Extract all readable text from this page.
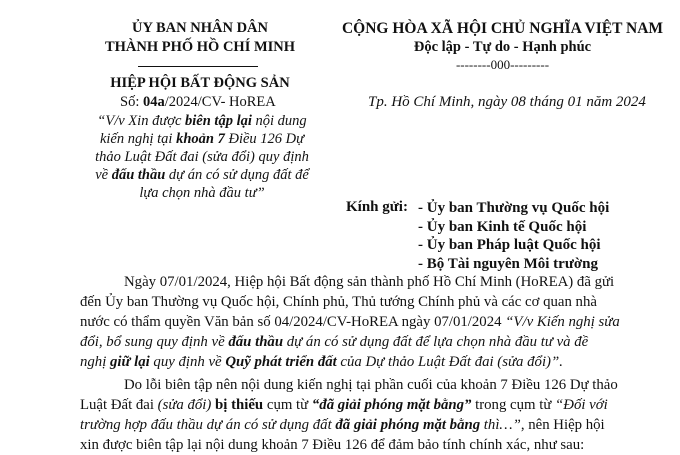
ỦY BAN NHÂN DÂN
THÀNH PHỐ HỒ CHÍ MINH
HIỆP HỘI BẤT ĐỘNG SẢN
Số: 04a/2024/CV- HoREA
“V/v Xin được biên tập lại nội dung
kiến nghị tại khoản 7 Điều 126 Dự
thảo Luật Đất đai (sửa đổi) quy định
về đấu thầu dự án có sử dụng đất để
lựa chọn nhà đầu tư”
CỘNG HÒA XÃ HỘI CHỦ NGHĨA VIỆT NAM
Độc lập - Tự do - Hạnh phúc
--------000---------
Tp. Hồ Chí Minh, ngày 08 tháng 01 năm 2024
Kính gửi: - Ủy ban Thường vụ Quốc hội
- Ủy ban Kinh tế Quốc hội
- Ủy ban Pháp luật Quốc hội
- Bộ Tài nguyên Môi trường
Ngày 07/01/2024, Hiệp hội Bất động sản thành phố Hồ Chí Minh (HoREA) đã gửi
đến Ủy ban Thường vụ Quốc hội, Chính phủ, Thủ tướng Chính phủ và các cơ quan nhà
nước có thẩm quyền Văn bản số 04/2024/CV-HoREA ngày 07/01/2024 “V/v Kiến nghị sửa
đổi, bổ sung quy định về đấu thầu dự án có sử dụng đất để lựa chọn nhà đầu tư và đề
nghị giữ lại quy định về Quỹ phát triển đất của Dự thảo Luật Đất đai (sửa đổi)”.
Do lỗi biên tập nên nội dung kiến nghị tại phần cuối của khoản 7 Điều 126 Dự thảo
Luật Đất đai (sửa đổi) bị thiếu cụm từ “đã giải phóng mặt bằng” trong cụm từ “Đối với
trường hợp đấu thầu dự án có sử dụng đất đã giải phóng mặt bằng thì…”, nên Hiệp hội
xin được biên tập lại nội dung khoản 7 Điều 126 để đảm bảo tính chính xác, như sau:
